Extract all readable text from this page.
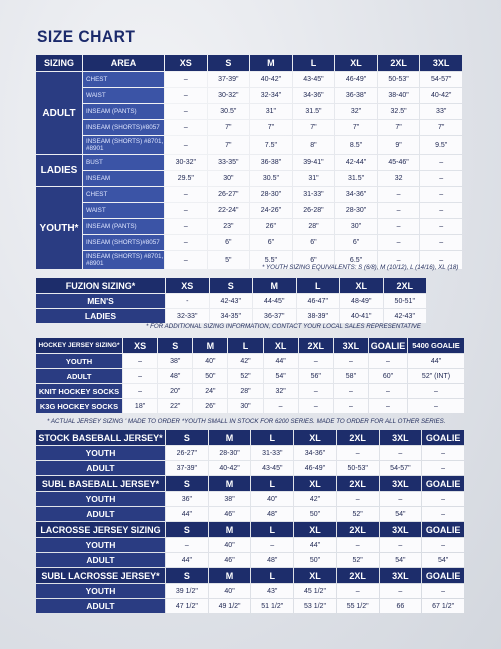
SIZE CHART
SIZING	AREA	XS	S	M	L	XL	2XL	3XL
ADULT	CHEST	–	37-39"	40-42"	43-45"	46-49"	50-53"	54-57"
	WAIST	–	30-32"	32-34"	34-36"	36-38"	38-40"	40-42"
	INSEAM (PANTS)	–	30.5"	31"	31.5"	32"	32.5"	33"
	INSEAM (SHORTS)#8057	–	7"	7"	7"	7"	7"	7"
	INSEAM (SHORTS) #8701, #8901	–	7"	7.5"	8"	8.5"	9"	9.5"
LADIES	BUST	30-32"	33-35"	36-38"	39-41"	42-44"	45-46"	–
	INSEAM	29.5"	30"	30.5"	31"	31.5"	32	–
YOUTH*	CHEST	–	26-27"	28-30"	31-33"	34-36"	–	–
	WAIST	–	22-24"	24-26"	26-28"	28-30"	–	–
	INSEAM (PANTS)	–	23"	26"	28"	30"	–	–
	INSEAM (SHORTS)#8057	–	6"	6"	6"	6"	–	–
	INSEAM (SHORTS) #8701, #8901	–	5"	5.5"	6"	6.5"	–	–
* YOUTH SIZING EQUIVALENTS: S (6/8), M (10/12), L (14/16), XL (18)
FUZION SIZING*	XS	S	M	L	XL	2XL
MEN'S	-	42-43"	44-45"	46-47"	48-49"	50-51"
LADIES	32-33"	34-35"	36-37"	38-39"	40-41"	42-43"
* FOR ADDITIONAL SIZING INFORMATION, CONTACT YOUR LOCAL SALES REPRESENTATIVE
HOCKEY JERSEY SIZING*	XS	S	M	L	XL	2XL	3XL	GOALIE	5400 GOALIE
YOUTH	–	38"	40"	42"	44"	–	–	–	44"
ADULT	–	48"	50"	52"	54"	56"	58"	60"	52" (INT)
KNIT HOCKEY SOCKS	–	20"	24"	28"	32"	–	–	–	–
K3G HOCKEY SOCKS	18"	22"	26"	30"	–	–	–	–	–
* ACTUAL JERSEY SIZING ' MADE TO ORDER *YOUTH SMALL IN STOCK FOR 6200 SERIES. MADE TO ORDER FOR ALL OTHER SERIES.
STOCK BASEBALL JERSEY*	S	M	L	XL	2XL	3XL	GOALIE
YOUTH	26-27"	28-30"	31-33"	34-36"	–	–	–
ADULT	37-39"	40-42"	43-45"	46-49"	50-53"	54-57"	–
SUBL BASEBALL JERSEY*	S	M	L	XL	2XL	3XL	GOALIE
YOUTH	36"	38"	40"	42"	–	–	–
ADULT	44"	46"	48"	50"	52"	54"	–
LACROSSE JERSEY SIZING	S	M	L	XL	2XL	3XL	GOALIE
YOUTH	–	40"	–	44"	–	–	–
ADULT	44"	46"	48"	50"	52"	54"	54"
SUBL LACROSSE JERSEY*	S	M	L	XL	2XL	3XL	GOALIE
YOUTH	39 1/2"	40"	43"	45 1/2"	–	–	–
ADULT	47 1/2"	49 1/2"	51 1/2"	53 1/2"	55 1/2"	66	67 1/2"
